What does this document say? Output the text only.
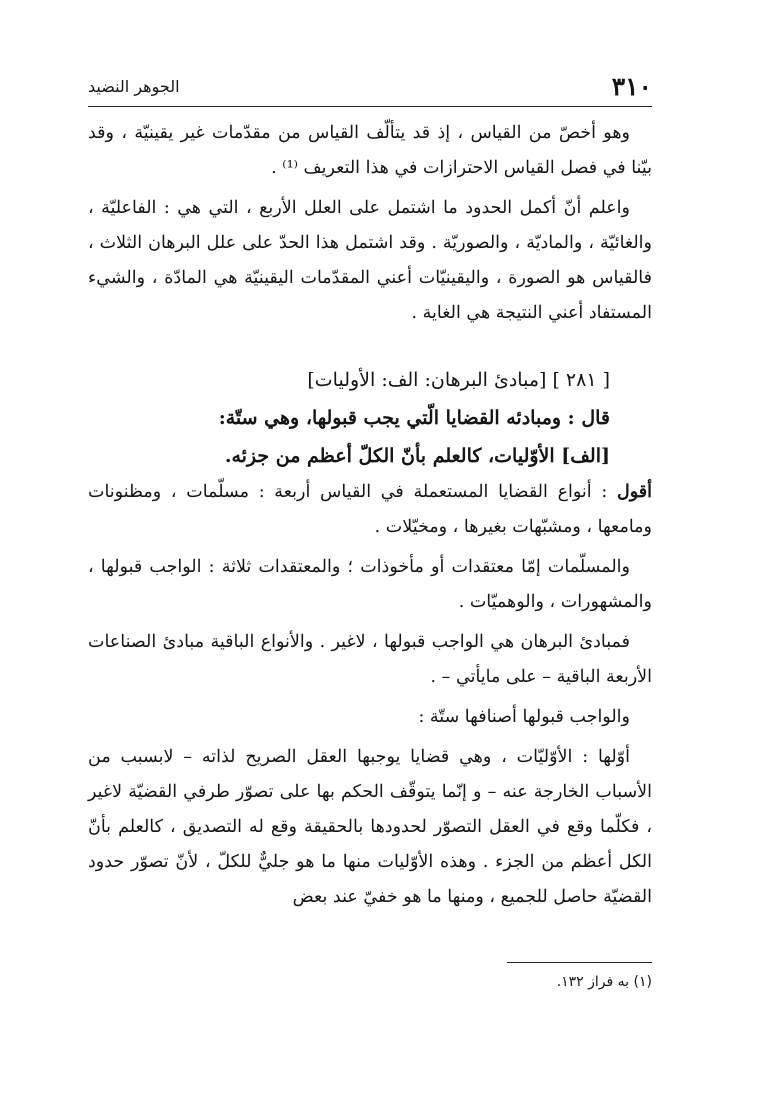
٣١٠
الجوهر النضيد

وهو أخصّ من القياس ، إذ قد يتألّف القياس من مقدّمات غير يقينيّة ، وقد بيّنا في فصل القياس الاحترازات في هذا التعريف ⁽¹⁾ .

واعلم أنّ أكمل الحدود ما اشتمل على العلل الأربع ، التي هي : الفاعليّة ، والغائيّة ، والماديّة ، والصوريّة . وقد اشتمل هذا الحدّ على علل البرهان الثلاث ، فالقياس هو الصورة ، واليقينيّات أعني المقدّمات اليقينيّة هي المادّة ، والشيء المستفاد أعني النتيجة هي الغاية .

[ ٢٨١ ] [مبادئ البرهان: الف: الأوليات]

قال : ومبادئه القضايا الّتي يجب قبولها، وهي ستّة:

[الف] الأوّليات، كالعلم بأنّ الكلّ أعظم من جزئه.

أقول : أنواع القضايا المستعملة في القياس أربعة : مسلّمات ، ومظنونات ومامعها ، ومشبّهات بغيرها ، ومخيّلات .

والمسلّمات إمّا معتقدات أو مأخوذات ؛ والمعتقدات ثلاثة : الواجب قبولها ، والمشهورات ، والوهميّات .

فمبادئ البرهان هي الواجب قبولها ، لاغير . والأنواع الباقية مبادئ الصناعات الأربعة الباقية – على مايأتي – .

والواجب قبولها أصنافها ستّة :

أوّلها : الأوّليّات ، وهي قضايا يوجبها العقل الصريح لذاته – لابسبب من الأسباب الخارجة عنه – و إنّما يتوقّف الحكم بها على تصوّر طرفي القضيّة لاغير ، فكلّما وقع في العقل التصوّر لحدودها بالحقيقة وقع له التصديق ، كالعلم بأنّ الكل أعظم من الجزء . وهذه الأوّليات منها ما هو جليٌّ للكلّ ، لأنّ تصوّر حدود القضيّة حاصل للجميع ، ومنها ما هو خفيّ عند بعض

(١) به فراز ١٣٢.
